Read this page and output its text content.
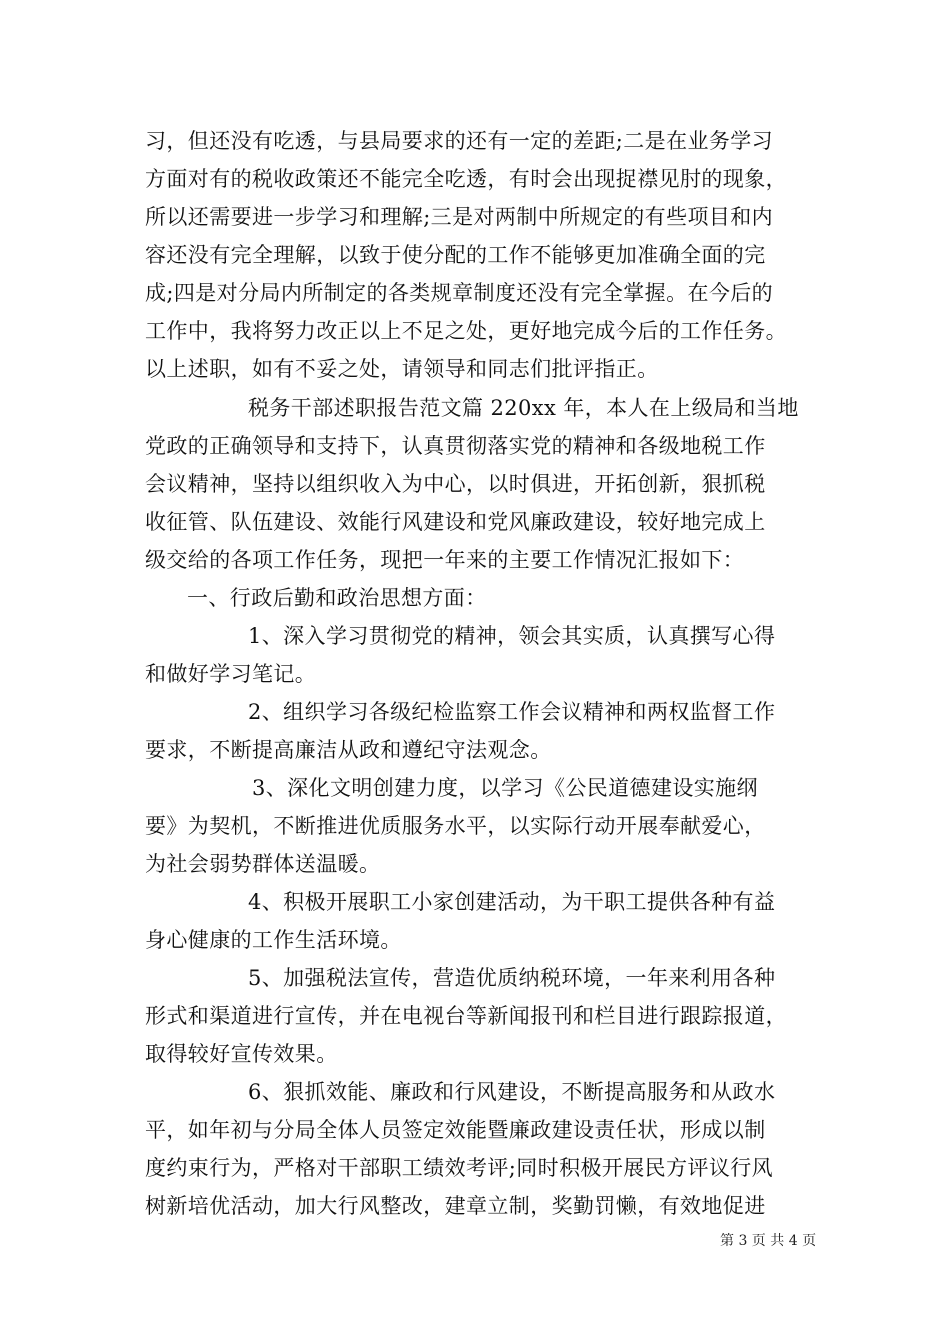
习，但还没有吃透，与县局要求的还有一定的差距;二是在业务学习
方面对有的税收政策还不能完全吃透，有时会出现捉襟见肘的现象，
所以还需要进一步学习和理解;三是对两制中所规定的有些项目和内
容还没有完全理解，以致于使分配的工作不能够更加准确全面的完
成;四是对分局内所制定的各类规章制度还没有完全掌握。在今后的
工作中，我将努力改正以上不足之处，更好地完成今后的工作任务。
以上述职，如有不妥之处，请领导和同志们批评指正。
税务干部述职报告范文篇 220xx 年，本人在上级局和当地
党政的正确领导和支持下，认真贯彻落实党的精神和各级地税工作
会议精神，坚持以组织收入为中心，以时俱进，开拓创新，狠抓税
收征管、队伍建设、效能行风建设和党风廉政建设，较好地完成上
级交给的各项工作任务，现把一年来的主要工作情况汇报如下：
一、行政后勤和政治思想方面：
1、深入学习贯彻党的精神，领会其实质，认真撰写心得
和做好学习笔记。
2、组织学习各级纪检监察工作会议精神和两权监督工作
要求，不断提高廉洁从政和遵纪守法观念。
3、深化文明创建力度，以学习《公民道德建设实施纲
要》为契机，不断推进优质服务水平，以实际行动开展奉献爱心，
为社会弱势群体送温暖。
4、积极开展职工小家创建活动，为干职工提供各种有益
身心健康的工作生活环境。
5、加强税法宣传，营造优质纳税环境，一年来利用各种
形式和渠道进行宣传，并在电视台等新闻报刊和栏目进行跟踪报道，
取得较好宣传效果。
6、狠抓效能、廉政和行风建设，不断提高服务和从政水
平，如年初与分局全体人员签定效能暨廉政建设责任状，形成以制
度约束行为，严格对干部职工绩效考评;同时积极开展民方评议行风
树新培优活动，加大行风整改，建章立制，奖勤罚懒，有效地促进
第 3 页 共 4 页
